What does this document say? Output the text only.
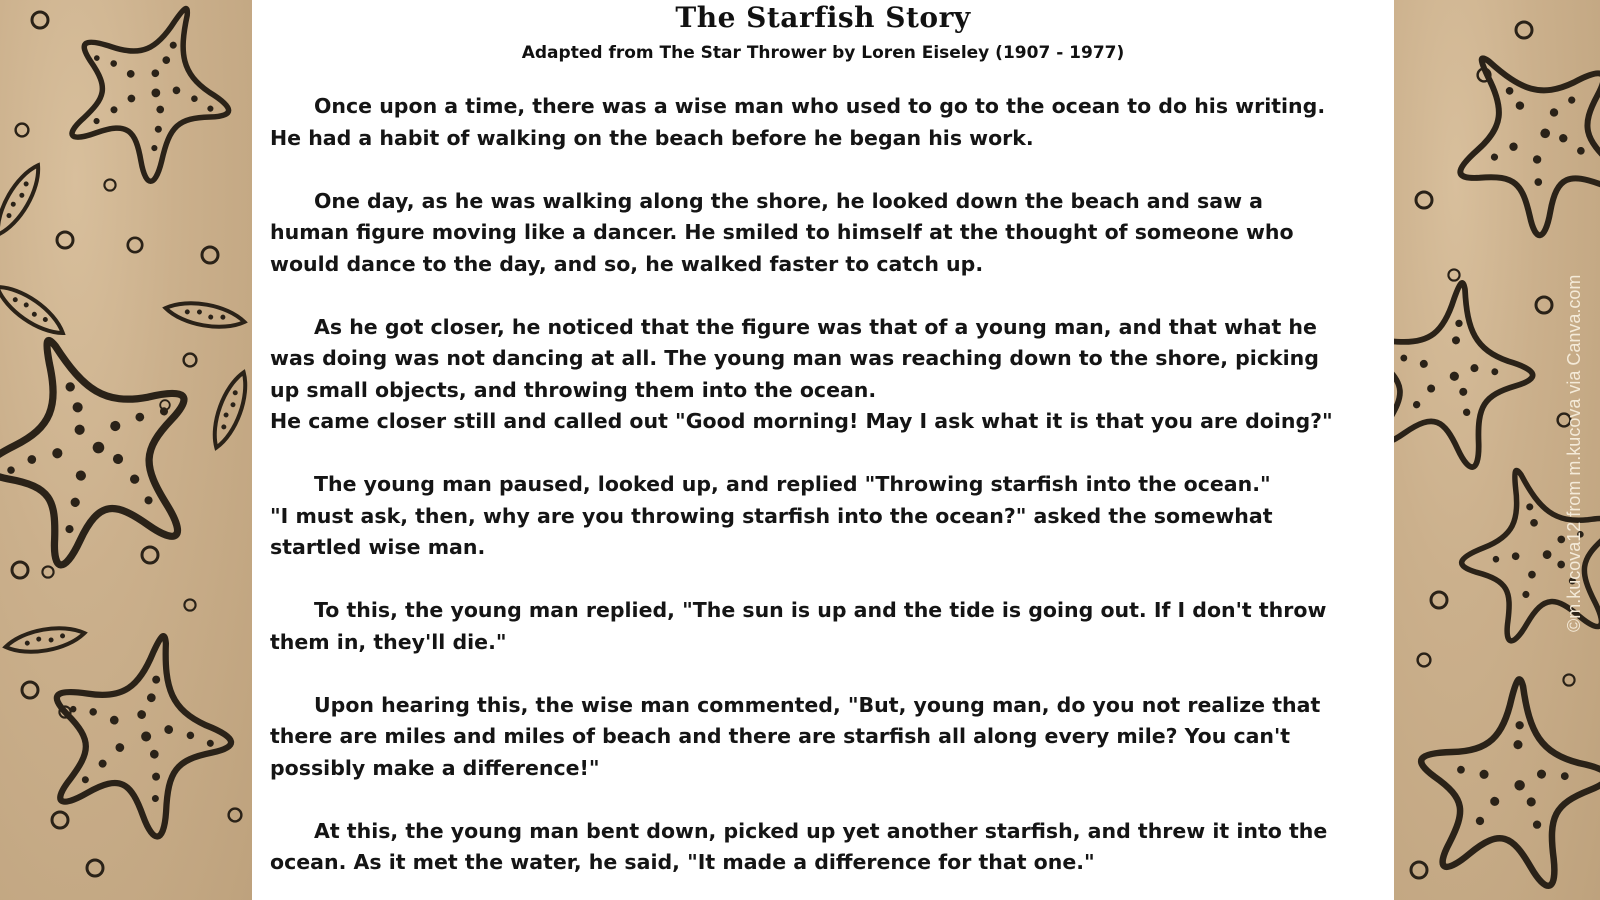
The Starfish Story
Adapted from The Star Thrower by Loren Eiseley (1907 - 1977)
Once upon a time, there was a wise man who used to go to the ocean to do his writing.
He had a habit of walking on the beach before he began his work.
One day, as he was walking along the shore, he looked down the beach and saw a
human figure moving like a dancer. He smiled to himself at the thought of someone who
would dance to the day, and so, he walked faster to catch up.
As he got closer, he noticed that the figure was that of a young man, and that what he
was doing was not dancing at all. The young man was reaching down to the shore, picking
up small objects, and throwing them into the ocean.
He came closer still and called out "Good morning! May I ask what it is that you are doing?"
The young man paused, looked up, and replied "Throwing starfish into the ocean."
"I must ask, then, why are you throwing starfish into the ocean?" asked the somewhat
startled wise man.
To this, the young man replied, "The sun is up and the tide is going out. If I don't throw
them in, they'll die."
Upon hearing this, the wise man commented, "But, young man, do you not realize that
there are miles and miles of beach and there are starfish all along every mile? You can't
possibly make a difference!"
At this, the young man bent down, picked up yet another starfish, and threw it into the
ocean. As it met the water, he said, "It made a difference for that one."
©m.kucova12 from m.kucova via Canva.com
